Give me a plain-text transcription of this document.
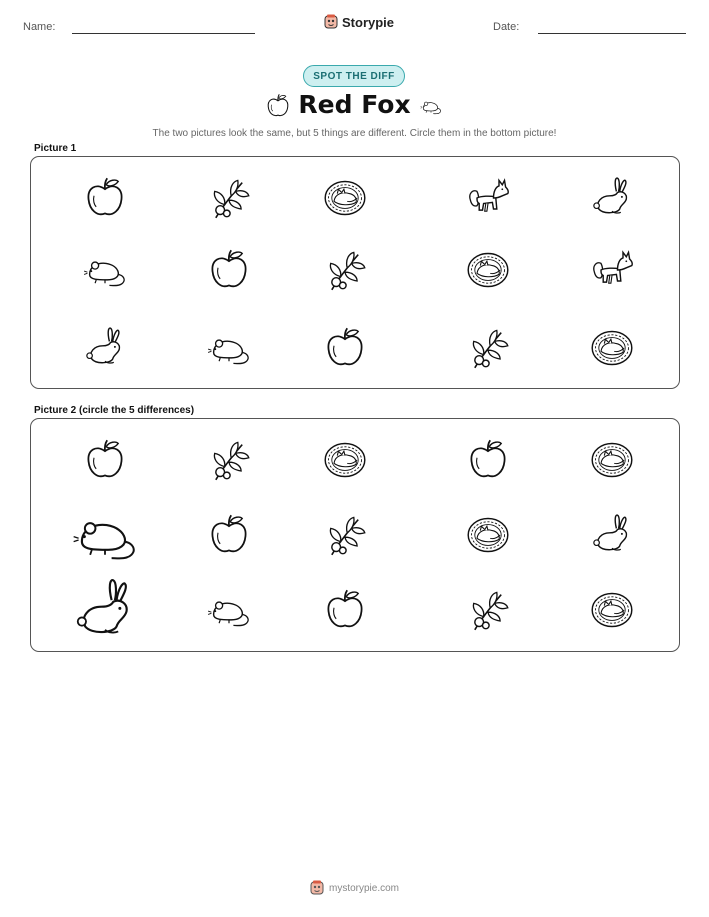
Name:	Storypie	Date:
SPOT THE DIFF
Red Fox
The two pictures look the same, but 5 things are different. Circle them in the bottom picture!
Picture 1
Picture 2 (circle the 5 differences)
mystorypie.com
